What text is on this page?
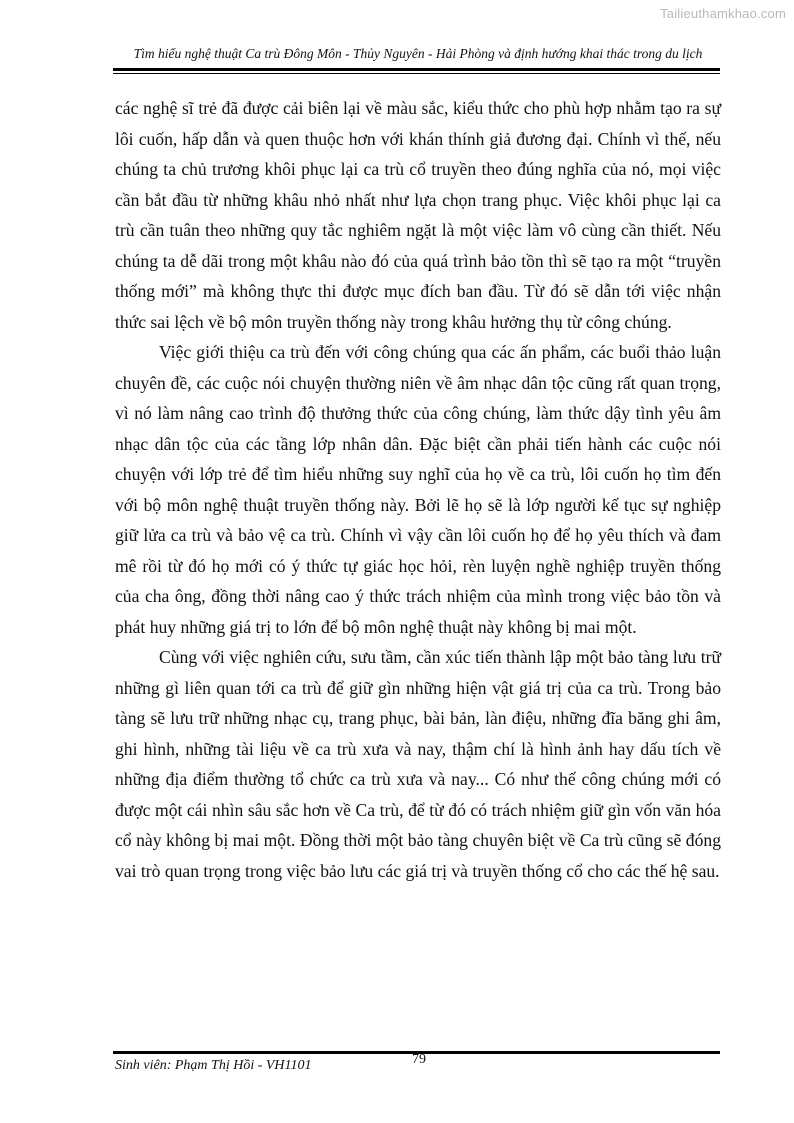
Tailieuthamkhao.com
Tìm hiểu nghệ thuật Ca trù Đông Môn - Thủy Nguyên - Hải Phòng và định hướng khai thác trong du lịch

các nghệ sĩ trẻ đã được cải biên lại về màu sắc, kiểu thức cho phù hợp nhằm tạo ra sự lôi cuốn, hấp dẫn và quen thuộc hơn với khán thính giả đương đại. Chính vì thế, nếu chúng ta chủ trương khôi phục lại ca trù cổ truyền theo đúng nghĩa của nó, mọi việc cần bắt đầu từ những khâu nhỏ nhất như lựa chọn trang phục. Việc khôi phục lại ca trù cần tuân theo những quy tắc nghiêm ngặt là một việc làm vô cùng cần thiết. Nếu chúng ta dễ dãi trong một khâu nào đó của quá trình bảo tồn thì sẽ tạo ra một “truyền thống mới” mà không thực thi được mục đích ban đầu. Từ đó sẽ dẫn tới việc nhận thức sai lệch về bộ môn truyền thống này trong khâu hưởng thụ từ công chúng.

Việc giới thiệu ca trù đến với công chúng qua các ấn phẩm, các buổi thảo luận chuyên đề, các cuộc nói chuyện thường niên về âm nhạc dân tộc cũng rất quan trọng, vì nó làm nâng cao trình độ thưởng thức của công chúng, làm thức dậy tình yêu âm nhạc dân tộc của các tầng lớp nhân dân. Đặc biệt cần phải tiến hành các cuộc nói chuyện với lớp trẻ để tìm hiểu những suy nghĩ của họ về ca trù, lôi cuốn họ tìm đến với bộ môn nghệ thuật truyền thống này. Bởi lẽ họ sẽ là lớp người kế tục sự nghiệp giữ lửa ca trù và bảo vệ ca trù. Chính vì vậy cần lôi cuốn họ để họ yêu thích và đam mê rồi từ đó họ mới có ý thức tự giác học hỏi, rèn luyện nghề nghiệp truyền thống của cha ông, đồng thời nâng cao ý thức trách nhiệm của mình trong việc bảo tồn và phát huy những giá trị to lớn để bộ môn nghệ thuật này không bị mai một.

Cùng với việc nghiên cứu, sưu tầm, cần xúc tiến thành lập một bảo tàng lưu trữ những gì liên quan tới ca trù để giữ gìn những hiện vật giá trị của ca trù. Trong bảo tàng sẽ lưu trữ những nhạc cụ, trang phục, bài bản, làn điệu, những đĩa băng ghi âm, ghi hình, những tài liệu về ca trù xưa và nay, thậm chí là hình ảnh hay dấu tích về những địa điểm thường tổ chức ca trù xưa và nay... Có như thế công chúng mới có được một cái nhìn sâu sắc hơn về Ca trù, để từ đó có trách nhiệm giữ gìn vốn văn hóa cổ này không bị mai một. Đồng thời một bảo tàng chuyên biệt về Ca trù cũng sẽ đóng vai trò quan trọng trong việc bảo lưu các giá trị và truyền thống cổ cho các thế hệ sau.

Sinh viên: Phạm Thị Hồi - VH1101	79
